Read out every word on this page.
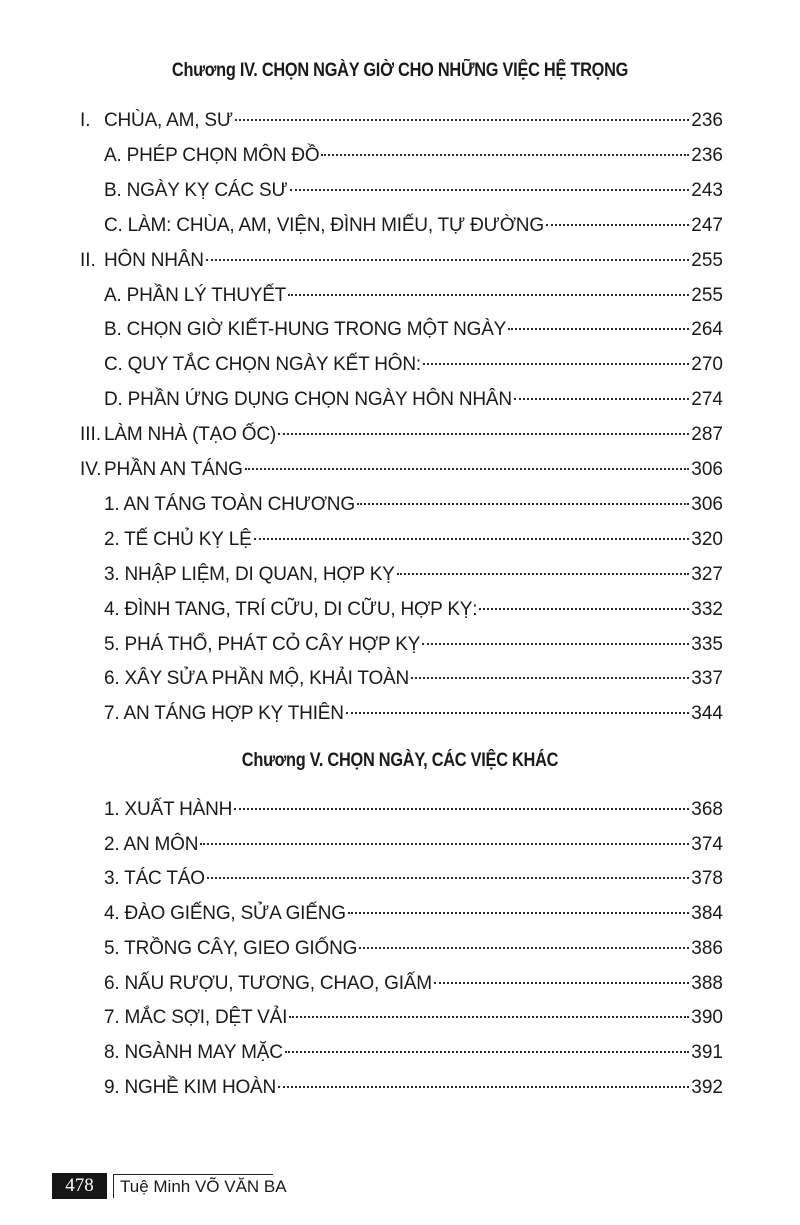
Chương IV. CHỌN NGÀY GIỜ CHO NHỮNG VIỆC HỆ TRỌNG
I. CHÙA, AM, SƯ	236
A. PHÉP CHỌN MÔN ĐỒ	236
B. NGÀY KỴ CÁC SƯ	243
C. LÀM: CHÙA, AM, VIỆN, ĐÌNH MIẾU, TỰ ĐƯỜNG	247
II. HÔN NHÂN	255
A. PHẦN LÝ THUYẾT	255
B. CHỌN GIỜ KIẾT-HUNG TRONG MỘT NGÀY	264
C. QUY TẮC CHỌN NGÀY KẾT HÔN:	270
D. PHẦN ỨNG DỤNG CHỌN NGÀY HÔN NHÂN	274
III. LÀM NHÀ (TẠO ỐC)	287
IV. PHẦN AN TÁNG	306
1. AN TÁNG TOÀN CHƯƠNG	306
2. TẾ CHỦ KỴ LỆ	320
3. NHẬP LIỆM, DI QUAN, HỢP KỴ	327
4. ĐÌNH TANG, TRÍ CỮU, DI CỮU, HỢP KỴ:	332
5. PHÁ THỔ, PHÁT CỎ CÂY HỢP KỴ	335
6. XÂY SỬA PHẦN MỘ, KHẢI TOÀN	337
7. AN TÁNG HỢP KỴ THIÊN	344
Chương V. CHỌN NGÀY, CÁC VIỆC KHÁC
1. XUẤT HÀNH	368
2. AN MÔN	374
3. TÁC TÁO	378
4. ĐÀO GIẾNG, SỬA GIẾNG	384
5. TRỒNG CÂY, GIEO GIỐNG	386
6. NẤU RƯỢU, TƯƠNG, CHAO, GIẤM	388
7. MẮC SỢI, DỆT VẢI	390
8. NGÀNH MAY MẶC	391
9. NGHỀ KIM HOÀN	392
478	Tuệ Minh VÕ VĂN BA
